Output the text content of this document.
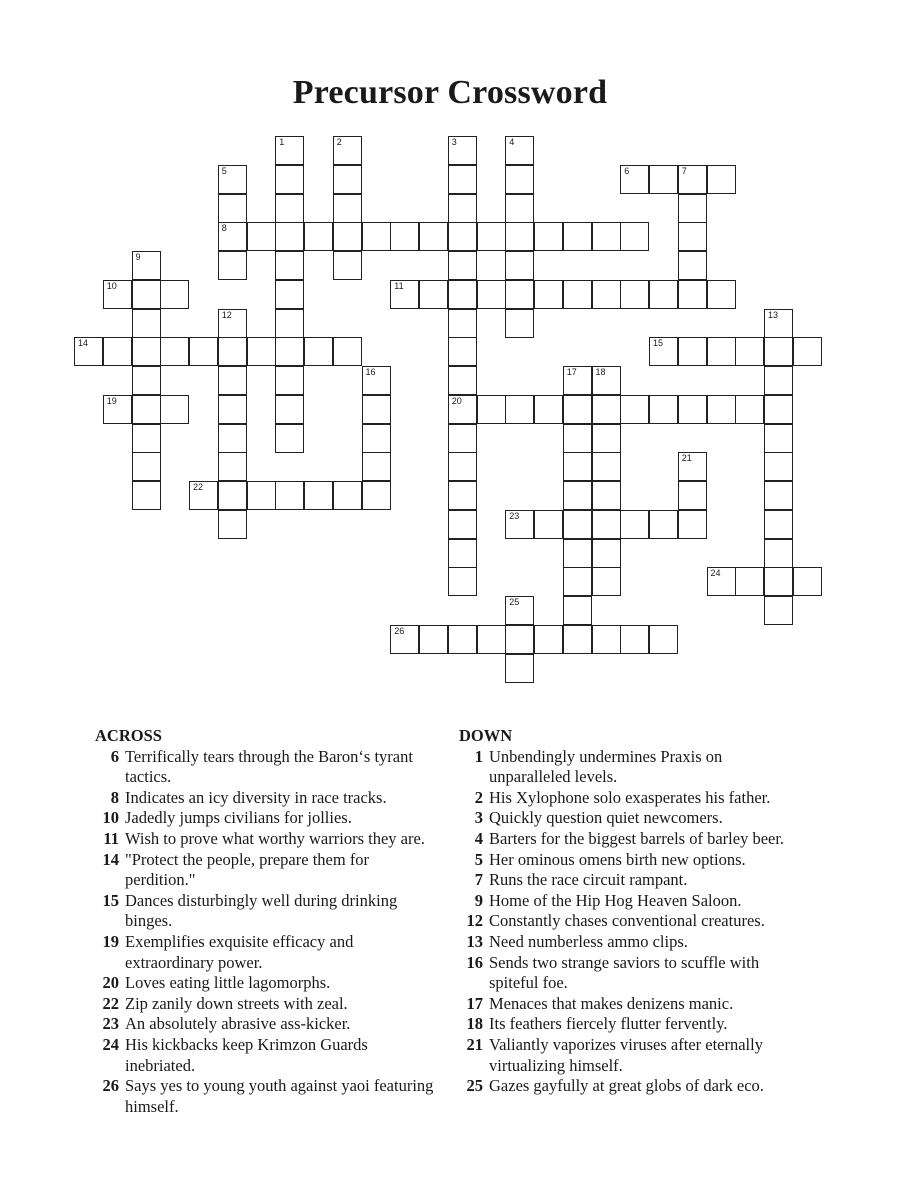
Precursor Crossword
1	2	3
20
4
5
8
6	7
9
10	11
12	13
14	15
16	17 18
19
21
22
23
24
25
26
ACROSS
6 Terrifically tears through the Baron‘s tyrant tactics.
8 Indicates an icy diversity in race tracks.
10 Jadedly jumps civilians for jollies.
11 Wish to prove what worthy warriors they are.
14 "Protect the people, prepare them for perdition."
15 Dances disturbingly well during drinking binges.
19 Exemplifies exquisite efficacy and extraordinary power.
20 Loves eating little lagomorphs.
22 Zip zanily down streets with zeal.
23 An absolutely abrasive ass-kicker.
24 His kickbacks keep Krimzon Guards inebriated.
26 Says yes to young youth against yaoi featuring himself.
DOWN
1 Unbendingly undermines Praxis on unparalleled levels.
2 His Xylophone solo exasperates his father.
3 Quickly question quiet newcomers.
4 Barters for the biggest barrels of barley beer.
5 Her ominous omens birth new options.
7 Runs the race circuit rampant.
9 Home of the Hip Hog Heaven Saloon.
12 Constantly chases conventional creatures.
13 Need numberless ammo clips.
16 Sends two strange saviors to scuffle with spiteful foe.
17 Menaces that makes denizens manic.
18 Its feathers fiercely flutter fervently.
21 Valiantly vaporizes viruses after eternally virtualizing himself.
25 Gazes gayfully at great globs of dark eco.
